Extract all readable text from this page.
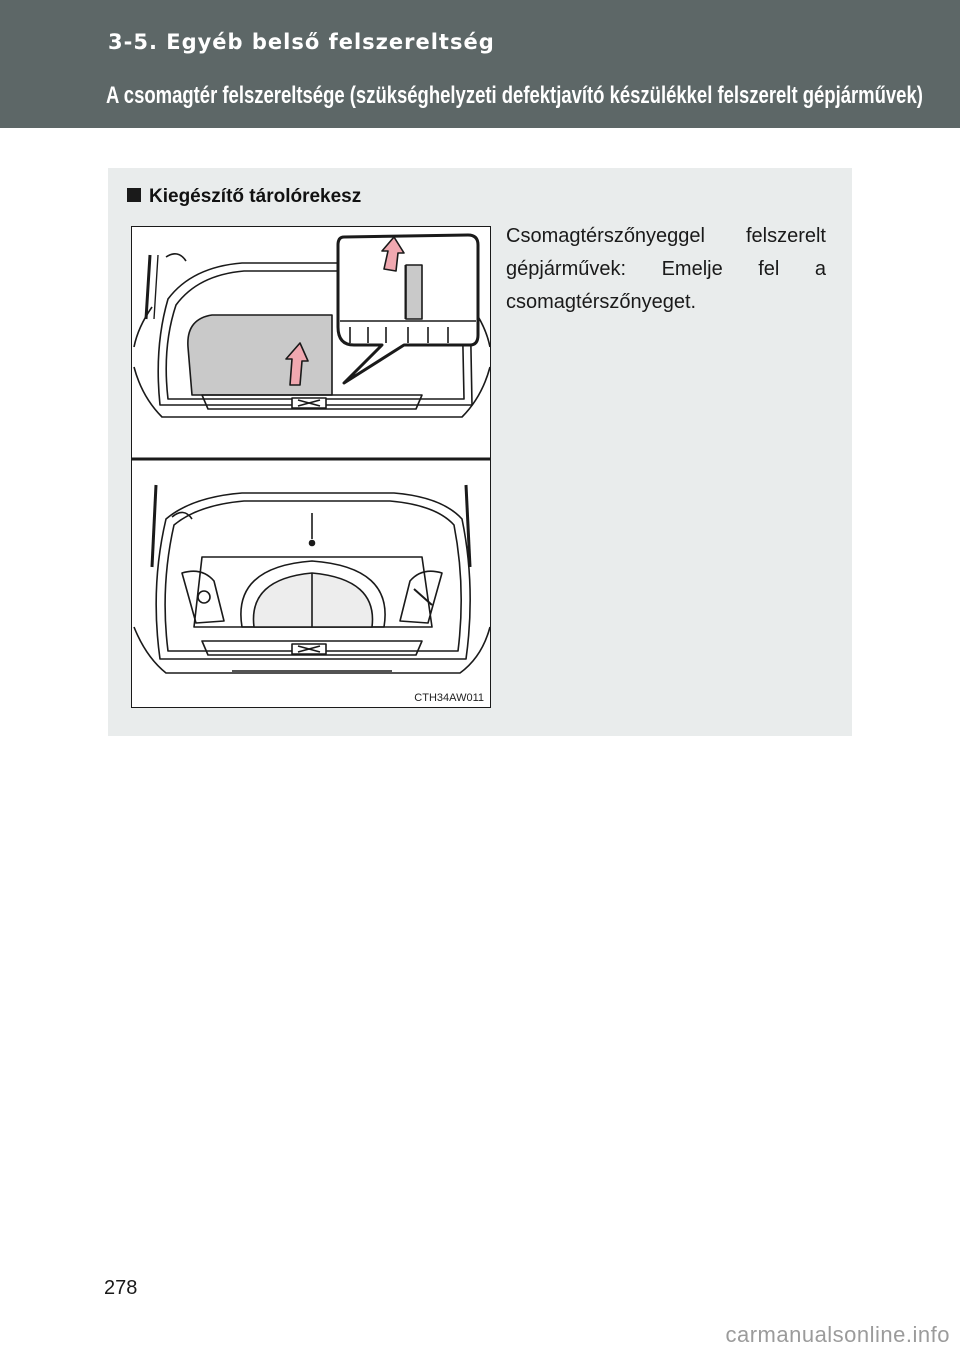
3-5. Egyéb belső felszereltség
A csomagtér felszereltsége (szükséghelyzeti defektjavító készülékkel felszerelt gépjárművek)
Kiegészítő tárolórekesz
CTH34AW011
Csomagtérszőnyeggel felszerelt gépjárművek: Emelje fel a csomagtérszőnyeget.
278
carmanualsonline.info
